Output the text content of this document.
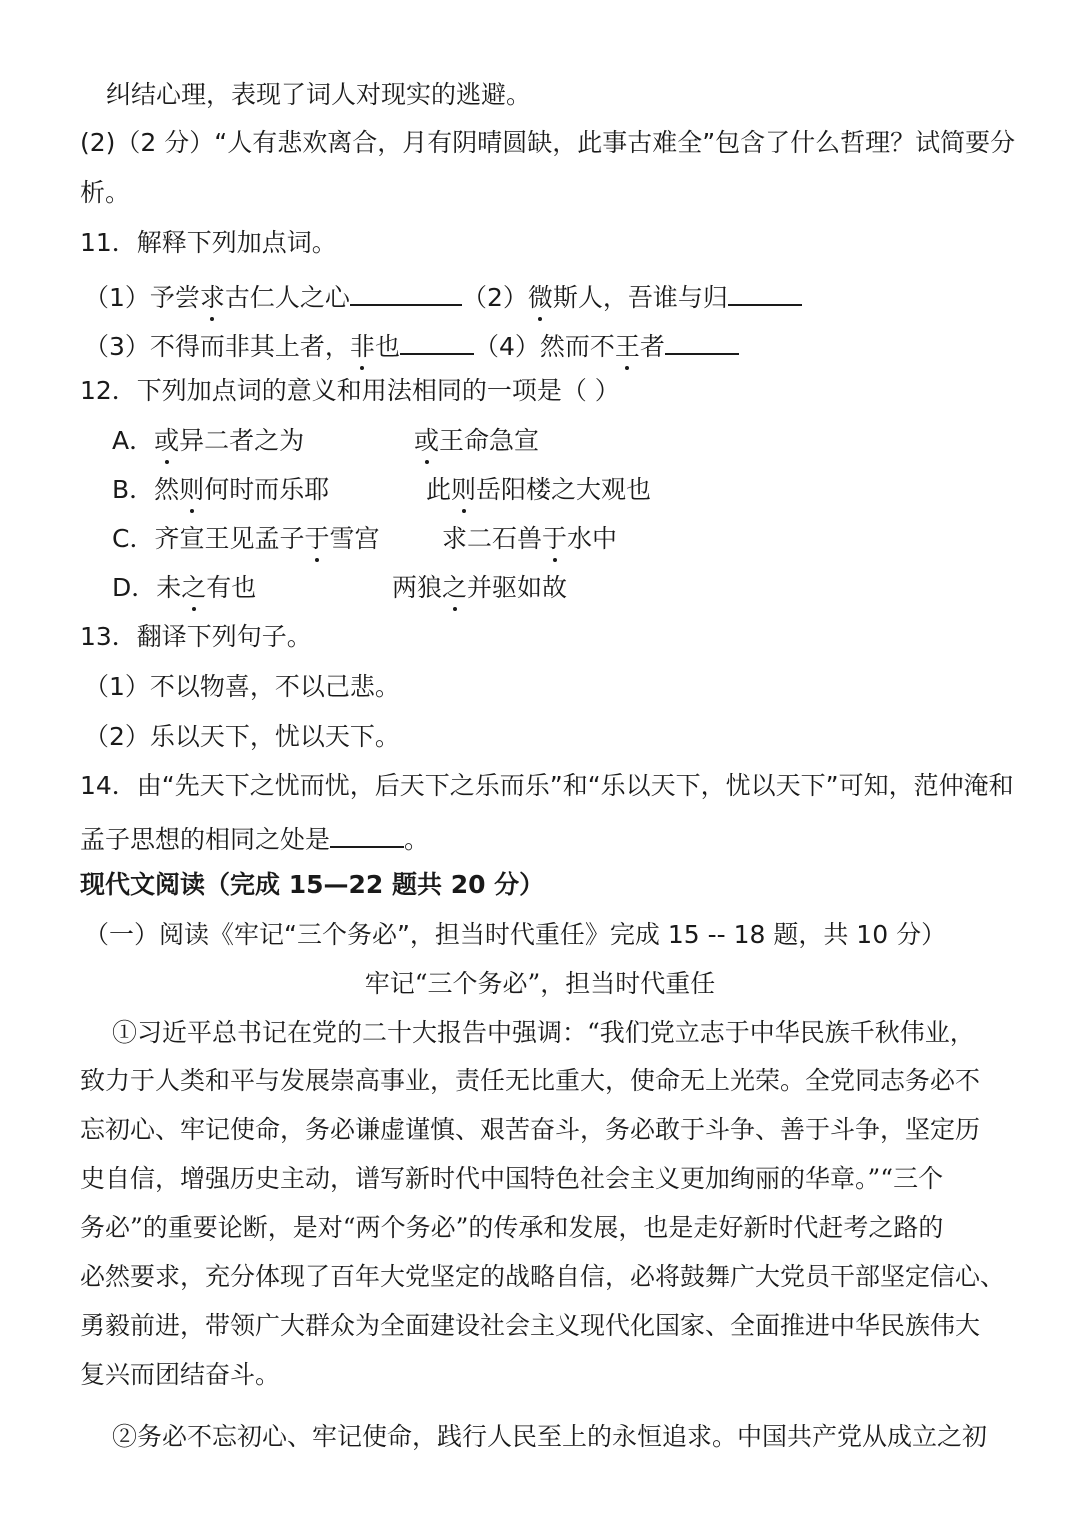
纠结心理，表现了词人对现实的逃避。
(2)（2 分）“人有悲欢离合，月有阴晴圆缺，此事古难全”包含了什么哲理？试简要分
析。
11．解释下列加点词。
（1）予尝求古仁人之心	（2）微斯人，吾谁与归
（3）不得而非其上者，非也	（4）然而不王者
12．下列加点词的意义和用法相同的一项是（ ）
A．或异二者之为	或王命急宣
B．然则何时而乐耶	此则岳阳楼之大观也
C．齐宣王见孟子于雪宫 求二石兽于水中
D．未之有也	两狼之并驱如故
13．翻译下列句子。
（1）不以物喜，不以己悲。
（2）乐以天下，忧以天下。
14．由“先天下之忧而忧，后天下之乐而乐”和“乐以天下，忧以天下”可知，范仲淹和
孟子思想的相同之处是	。
现代文阅读（完成 15—22 题共 20 分）
（一）阅读《牢记“三个务必”，担当时代重任》完成 15 -- 18 题，共 10 分）
牢记“三个务必”，担当时代重任
①习近平总书记在党的二十大报告中强调：“我们党立志于中华民族千秋伟业，
致力于人类和平与发展崇高事业，责任无比重大，使命无上光荣。全党同志务必不
忘初心、牢记使命，务必谦虚谨慎、艰苦奋斗，务必敢于斗争、善于斗争，坚定历
史自信，增强历史主动，谱写新时代中国特色社会主义更加绚丽的华章。”“三个
务必”的重要论断，是对“两个务必”的传承和发展，也是走好新时代赶考之路的
必然要求，充分体现了百年大党坚定的战略自信，必将鼓舞广大党员干部坚定信心、
勇毅前进，带领广大群众为全面建设社会主义现代化国家、全面推进中华民族伟大
复兴而团结奋斗。
②务必不忘初心、牢记使命，践行人民至上的永恒追求。中国共产党从成立之初
